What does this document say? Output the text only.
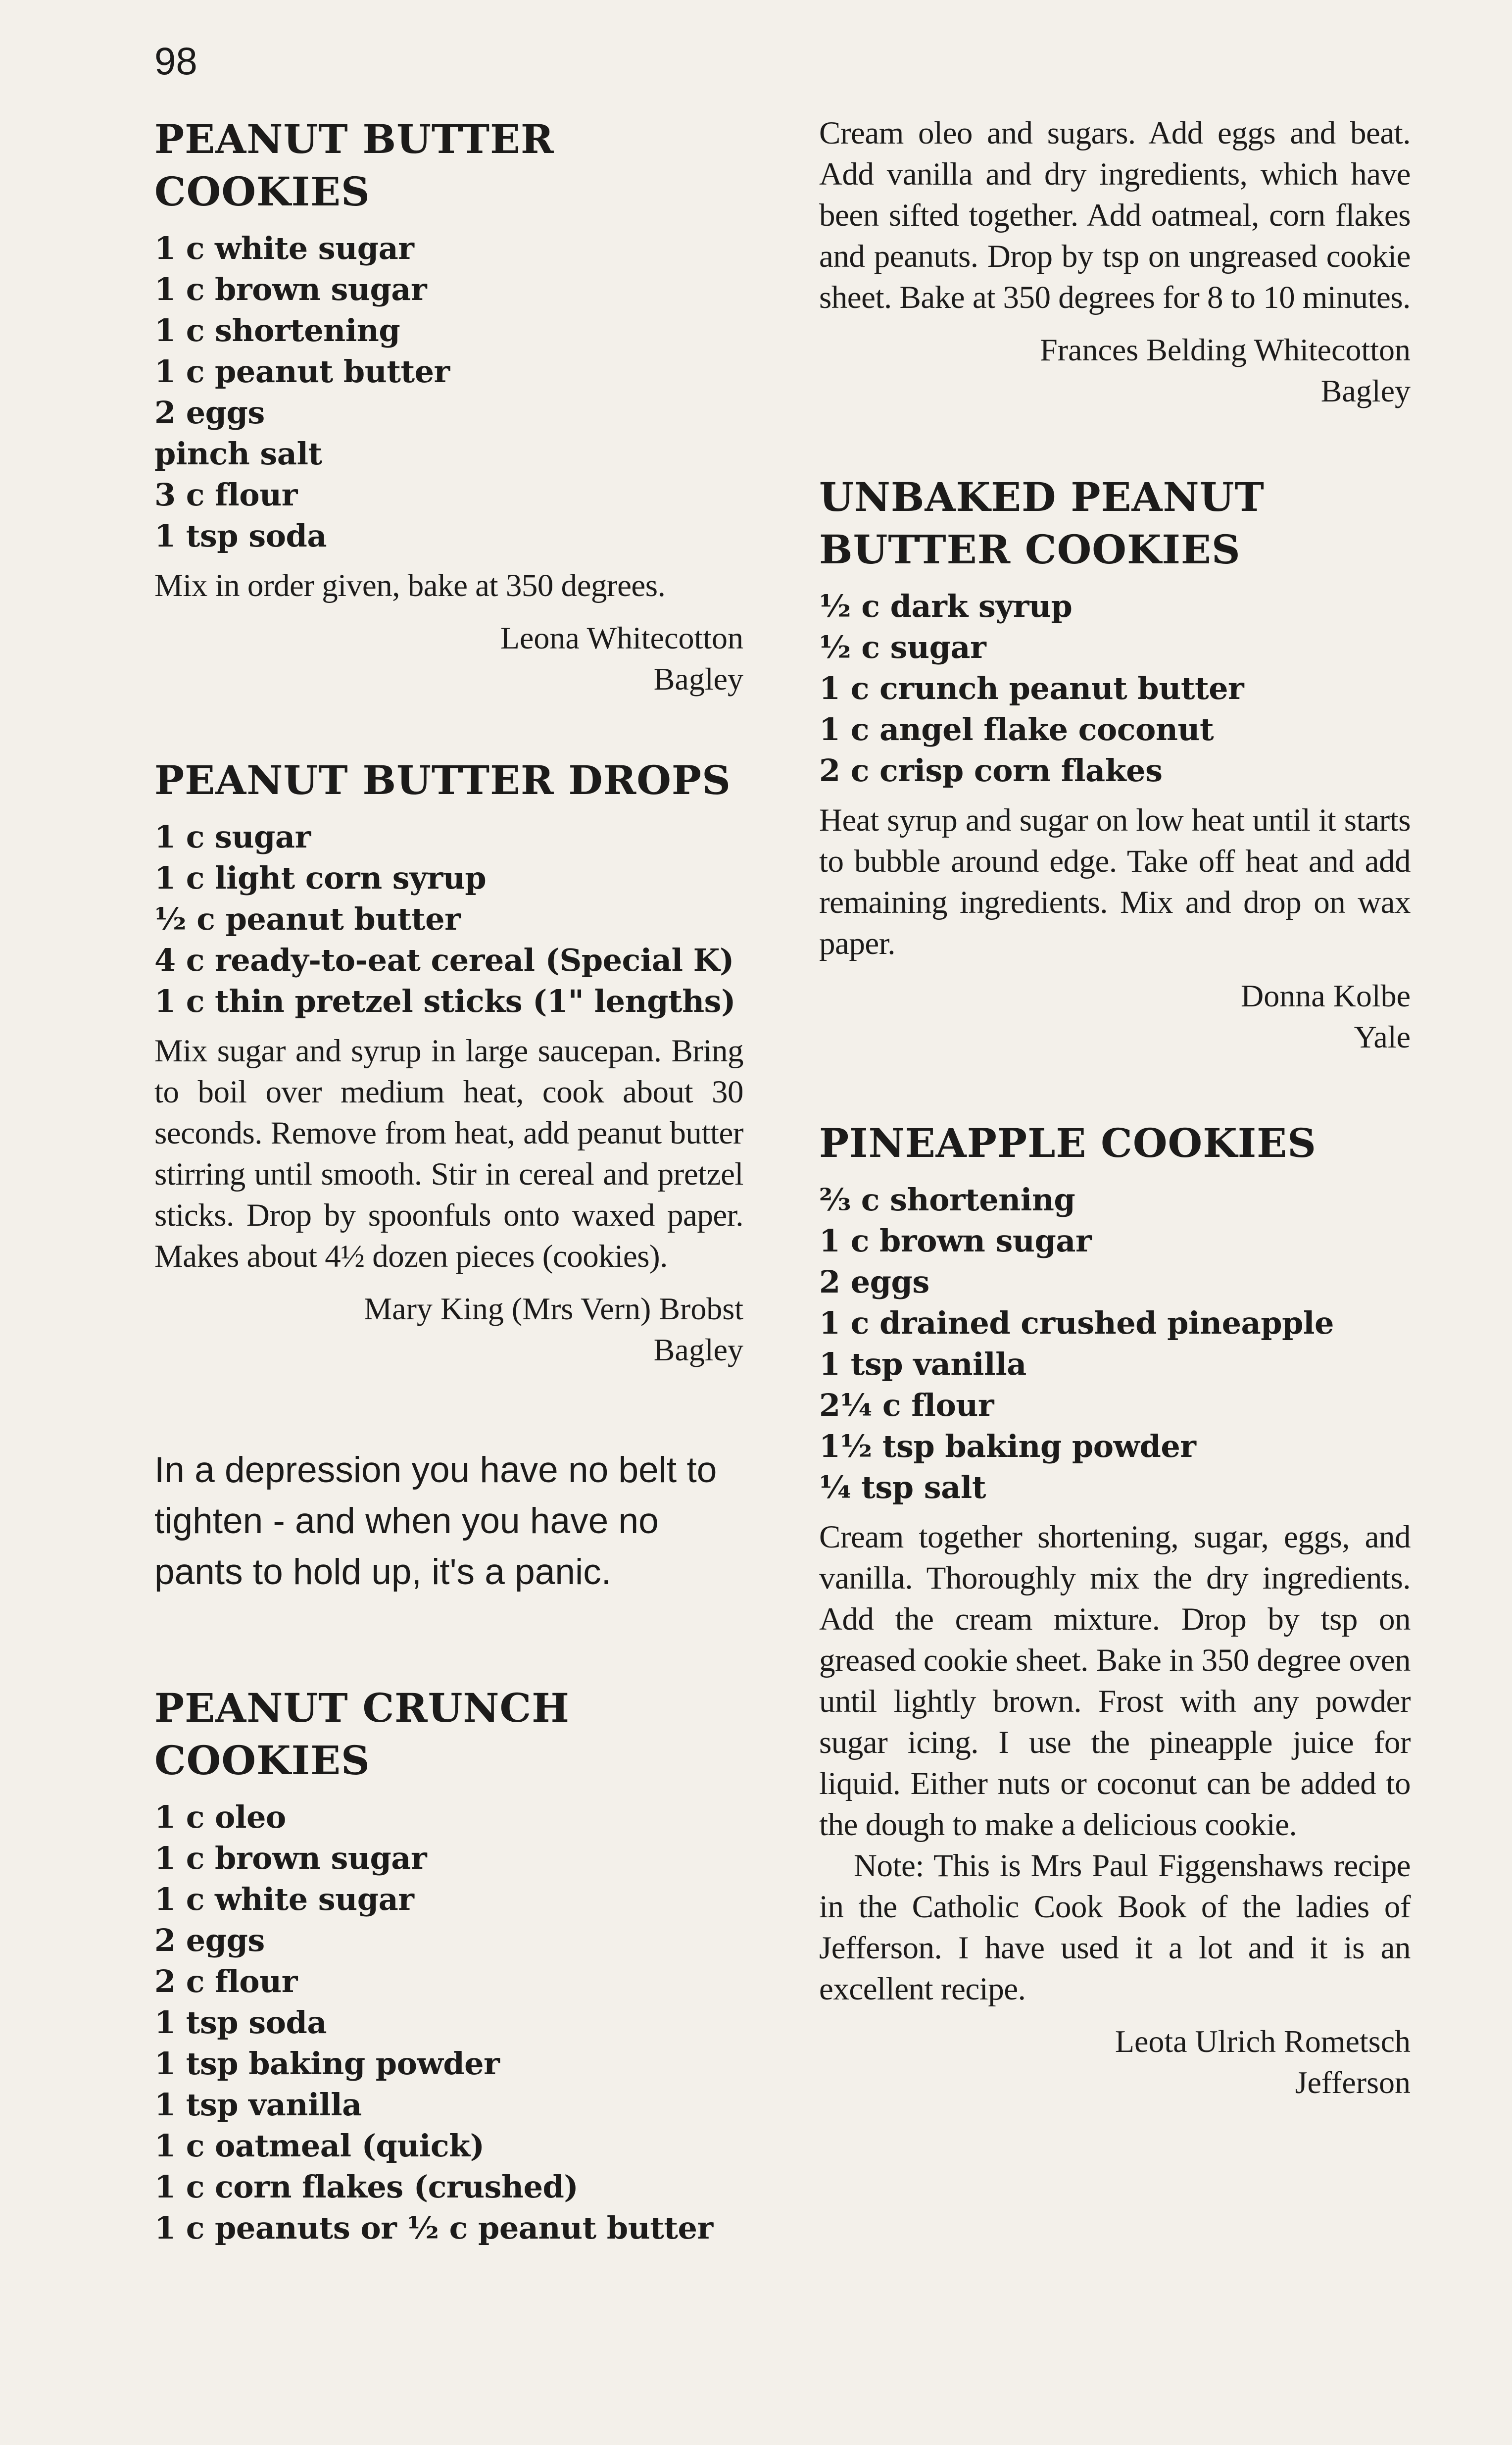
98
PEANUT BUTTER COOKIES
1 c white sugar
1 c brown sugar
1 c shortening
1 c peanut butter
2 eggs
pinch salt
3 c flour
1 tsp soda

Mix in order given, bake at 350 degrees.

Leona Whitecotton
Bagley
PEANUT BUTTER DROPS
1 c sugar
1 c light corn syrup
½ c peanut butter
4 c ready-to-eat cereal (Special K)
1 c thin pretzel sticks (1" lengths)

Mix sugar and syrup in large saucepan. Bring to boil over medium heat, cook about 30 seconds. Remove from heat, add peanut butter stirring until smooth. Stir in cereal and pretzel sticks. Drop by spoonfuls onto waxed paper. Makes about 4½ dozen pieces (cookies).

Mary King (Mrs Vern) Brobst
Bagley
In a depression you have no belt to tighten - and when you have no pants to hold up, it's a panic.
PEANUT CRUNCH COOKIES
1 c oleo
1 c brown sugar
1 c white sugar
2 eggs
2 c flour
1 tsp soda
1 tsp baking powder
1 tsp vanilla
1 c oatmeal (quick)
1 c corn flakes (crushed)
1 c peanuts or ½ c peanut butter

Cream oleo and sugars. Add eggs and beat. Add vanilla and dry ingredients, which have been sifted together. Add oatmeal, corn flakes and peanuts. Drop by tsp on ungreased cookie sheet. Bake at 350 degrees for 8 to 10 minutes.

Frances Belding Whitecotton
Bagley
UNBAKED PEANUT BUTTER COOKIES
½ c dark syrup
½ c sugar
1 c crunch peanut butter
1 c angel flake coconut
2 c crisp corn flakes

Heat syrup and sugar on low heat until it starts to bubble around edge. Take off heat and add remaining ingredients. Mix and drop on wax paper.

Donna Kolbe
Yale
PINEAPPLE COOKIES
⅔ c shortening
1 c brown sugar
2 eggs
1 c drained crushed pineapple
1 tsp vanilla
2¼ c flour
1½ tsp baking powder
¼ tsp salt

Cream together shortening, sugar, eggs, and vanilla. Thoroughly mix the dry ingredients. Add the cream mixture. Drop by tsp on greased cookie sheet. Bake in 350 degree oven until lightly brown. Frost with any powder sugar icing. I use the pineapple juice for liquid. Either nuts or coconut can be added to the dough to make a delicious cookie.

Note: This is Mrs Paul Figgenshaws recipe in the Catholic Cook Book of the ladies of Jefferson. I have used it a lot and it is an excellent recipe.

Leota Ulrich Rometsch
Jefferson
